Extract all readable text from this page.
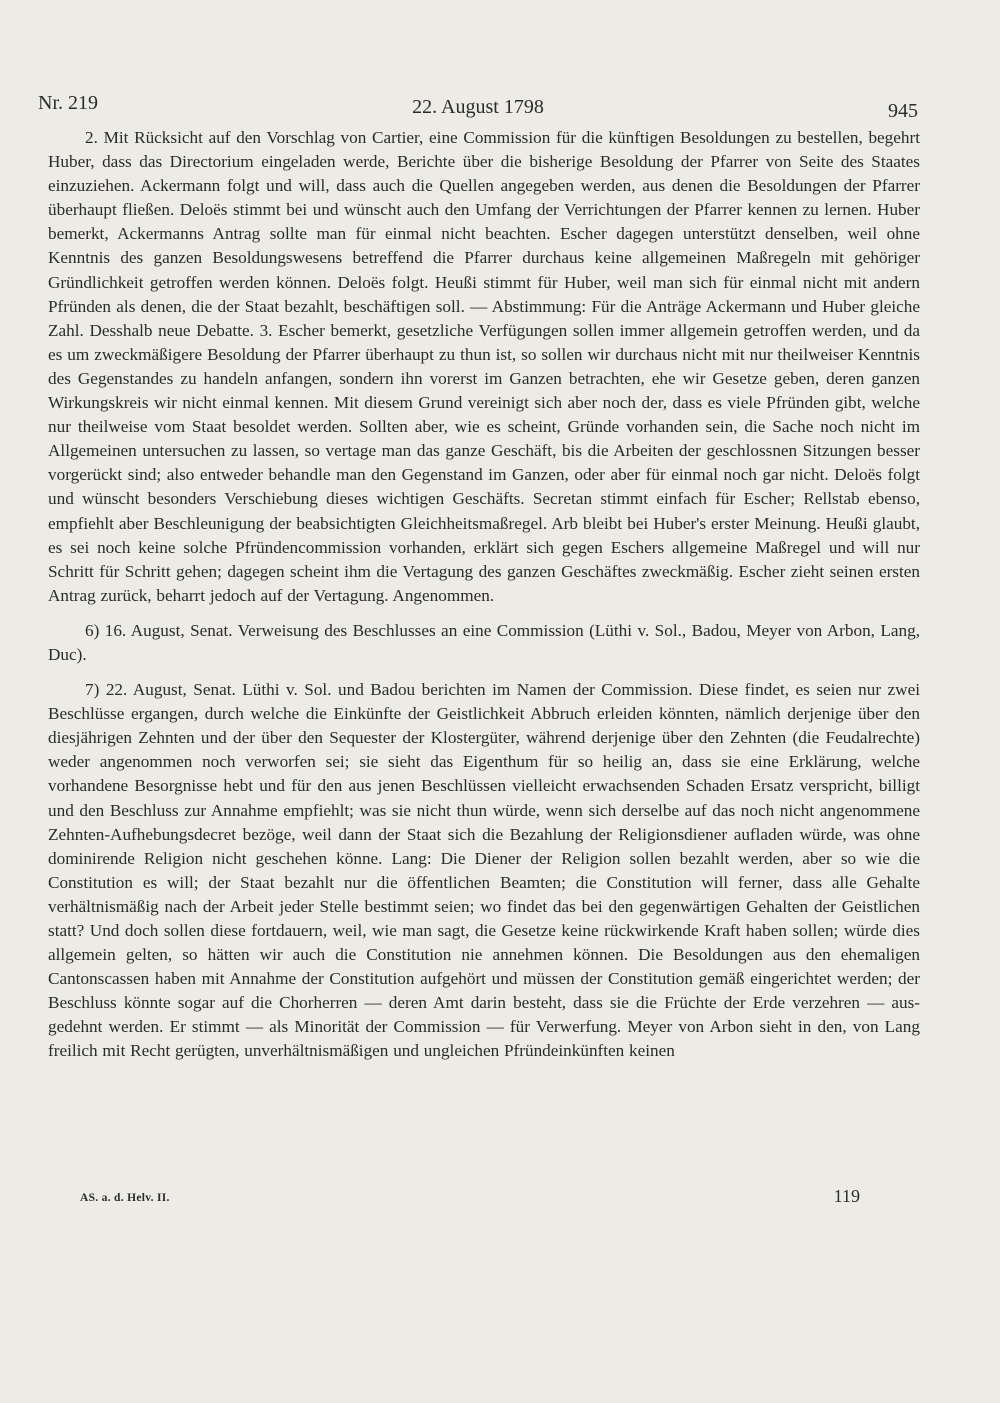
Nr. 219	22. August 1798	945

2. Mit Rücksicht auf den Vorschlag von Cartier, eine Commission für die künftigen Besoldungen zu bestellen, begehrt Huber, dass das Directorium eingeladen werde, Berichte über die bisherige Besoldung der Pfarrer von Seite des Staates einzuziehen. Ackermann folgt und will, dass auch die Quellen angegeben werden, aus denen die Besoldungen der Pfarrer überhaupt fließen. Deloës stimmt bei und wünscht auch den Umfang der Verrichtungen der Pfarrer kennen zu lernen. Huber bemerkt, Ackermanns Antrag sollte man für einmal nicht beachten. Escher dagegen unterstützt denselben, weil ohne Kenntnis des ganzen Besoldungswesens betreffend die Pfarrer durchaus keine allgemeinen Maßregeln mit gehöriger Gründlichkeit getroffen werden können. Deloës folgt. Heußi stimmt für Huber, weil man sich für einmal nicht mit andern Pfründen als denen, die der Staat bezahlt, beschäftigen soll. — Abstimmung: Für die Anträge Ackermann und Huber gleiche Zahl. Desshalb neue Debatte. 3. Escher bemerkt, gesetzliche Verfügungen sollen immer allgemein getroffen werden, und da es um zweckmäßigere Besoldung der Pfarrer überhaupt zu thun ist, so sollen wir durchaus nicht mit nur theilweiser Kenntnis des Gegenstandes zu handeln anfangen, sondern ihn vorerst im Ganzen betrachten, ehe wir Gesetze geben, deren ganzen Wirkungskreis wir nicht einmal kennen. Mit diesem Grund vereinigt sich aber noch der, dass es viele Pfründen gibt, welche nur theilweise vom Staat besoldet werden. Sollten aber, wie es scheint, Gründe vorhanden sein, die Sache noch nicht im Allgemeinen untersuchen zu lassen, so vertage man das ganze Geschäft, bis die Arbeiten der geschlossnen Sitzungen besser vorgerückt sind; also entweder behandle man den Gegenstand im Ganzen, oder aber für einmal noch gar nicht. Deloës folgt und wünscht besonders Verschiebung dieses wichtigen Geschäfts. Secretan stimmt einfach für Escher; Rellstab ebenso, empfiehlt aber Beschleunigung der beabsichtigten Gleichheitsmaßregel. Arb bleibt bei Huber's erster Meinung. Heußi glaubt, es sei noch keine solche Pfründencommission vorhanden, erklärt sich gegen Eschers allgemeine Maßregel und will nur Schritt für Schritt gehen; dagegen scheint ihm die Vertagung des ganzen Geschäftes zweckmäßig. Escher zieht seinen ersten Antrag zurück, beharrt jedoch auf der Vertagung. Angenommen.

6) 16. August, Senat. Verweisung des Beschlusses an eine Commission (Lüthi v. Sol., Badou, Meyer von Arbon, Lang, Duc).

7) 22. August, Senat. Lüthi v. Sol. und Badou berichten im Namen der Commission. Diese findet, es seien nur zwei Beschlüsse ergangen, durch welche die Einkünfte der Geistlichkeit Abbruch erleiden könnten, nämlich derjenige über den diesjährigen Zehnten und der über den Sequester der Klostergüter, während derjenige über den Zehnten (die Feudalrechte) weder angenommen noch verworfen sei; sie sieht das Eigenthum für so heilig an, dass sie eine Erklärung, welche vorhandene Besorgnisse hebt und für den aus jenen Beschlüssen vielleicht erwachsenden Schaden Ersatz verspricht, billigt und den Beschluss zur Annahme empfiehlt; was sie nicht thun würde, wenn sich derselbe auf das noch nicht angenommene Zehnten-Aufhebungsdecret bezöge, weil dann der Staat sich die Bezahlung der Religionsdiener aufladen würde, was ohne dominirende Religion nicht geschehen könne. Lang: Die Diener der Religion sollen bezahlt werden, aber so wie die Constitution es will; der Staat bezahlt nur die öffentlichen Beamten; die Constitution will ferner, dass alle Gehalte verhältnismäßig nach der Arbeit jeder Stelle bestimmt seien; wo findet das bei den gegenwärtigen Gehalten der Geistlichen statt? Und doch sollen diese fortdauern, weil, wie man sagt, die Gesetze keine rückwirkende Kraft haben sollen; würde dies allgemein gelten, so hätten wir auch die Constitution nie annehmen können. Die Besoldungen aus den ehemaligen Cantonscassen haben mit Annahme der Constitution aufgehört und müssen der Constitution gemäß eingerichtet werden; der Beschluss könnte sogar auf die Chorherren — deren Amt darin besteht, dass sie die Früchte der Erde verzehren — ausgedehnt werden. Er stimmt — als Minorität der Commission — für Verwerfung. Meyer von Arbon sieht in den, von Lang freilich mit Recht gerügten, unverhältnismäßigen und ungleichen Pfründeinkünften keinen

AS. a. d. Helv. II.	119
